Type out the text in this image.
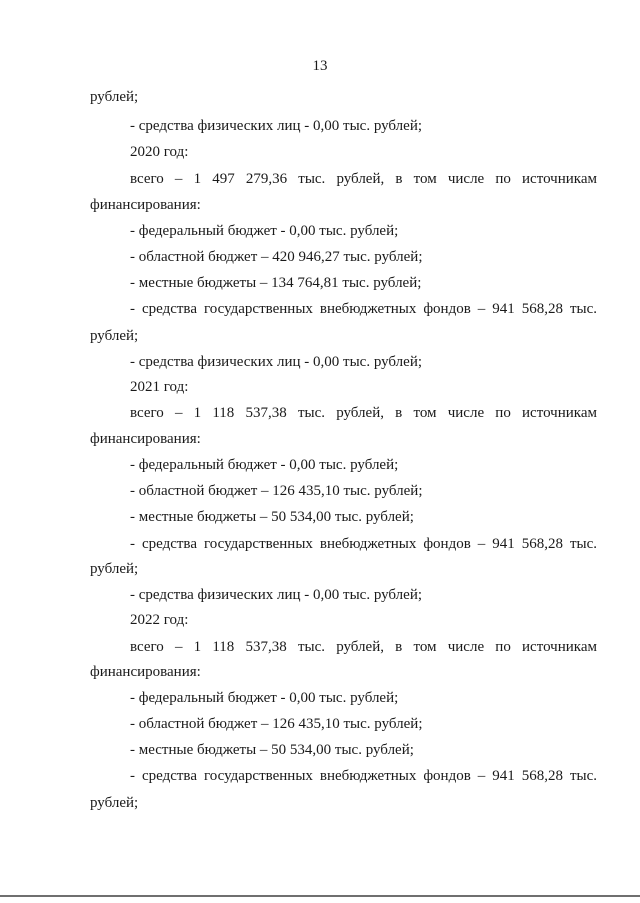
13
рублей;
- средства физических лиц - 0,00 тыс. рублей;
2020 год:
всего – 1 497 279,36 тыс. рублей, в том числе по источникам
финансирования:
- федеральный бюджет - 0,00 тыс. рублей;
- областной бюджет – 420 946,27 тыс. рублей;
- местные бюджеты – 134 764,81 тыс. рублей;
- средства государственных внебюджетных фондов – 941 568,28 тыс.
рублей;
- средства физических лиц - 0,00 тыс. рублей;
2021 год:
всего – 1 118 537,38 тыс. рублей, в том числе по источникам
финансирования:
- федеральный бюджет - 0,00 тыс. рублей;
- областной бюджет – 126 435,10 тыс. рублей;
- местные бюджеты – 50 534,00 тыс. рублей;
- средства государственных внебюджетных фондов – 941 568,28 тыс.
рублей;
- средства физических лиц - 0,00 тыс. рублей;
2022 год:
всего – 1 118 537,38 тыс. рублей, в том числе по источникам
финансирования:
- федеральный бюджет - 0,00 тыс. рублей;
- областной бюджет – 126 435,10 тыс. рублей;
- местные бюджеты – 50 534,00 тыс. рублей;
- средства государственных внебюджетных фондов – 941 568,28 тыс.
рублей;
